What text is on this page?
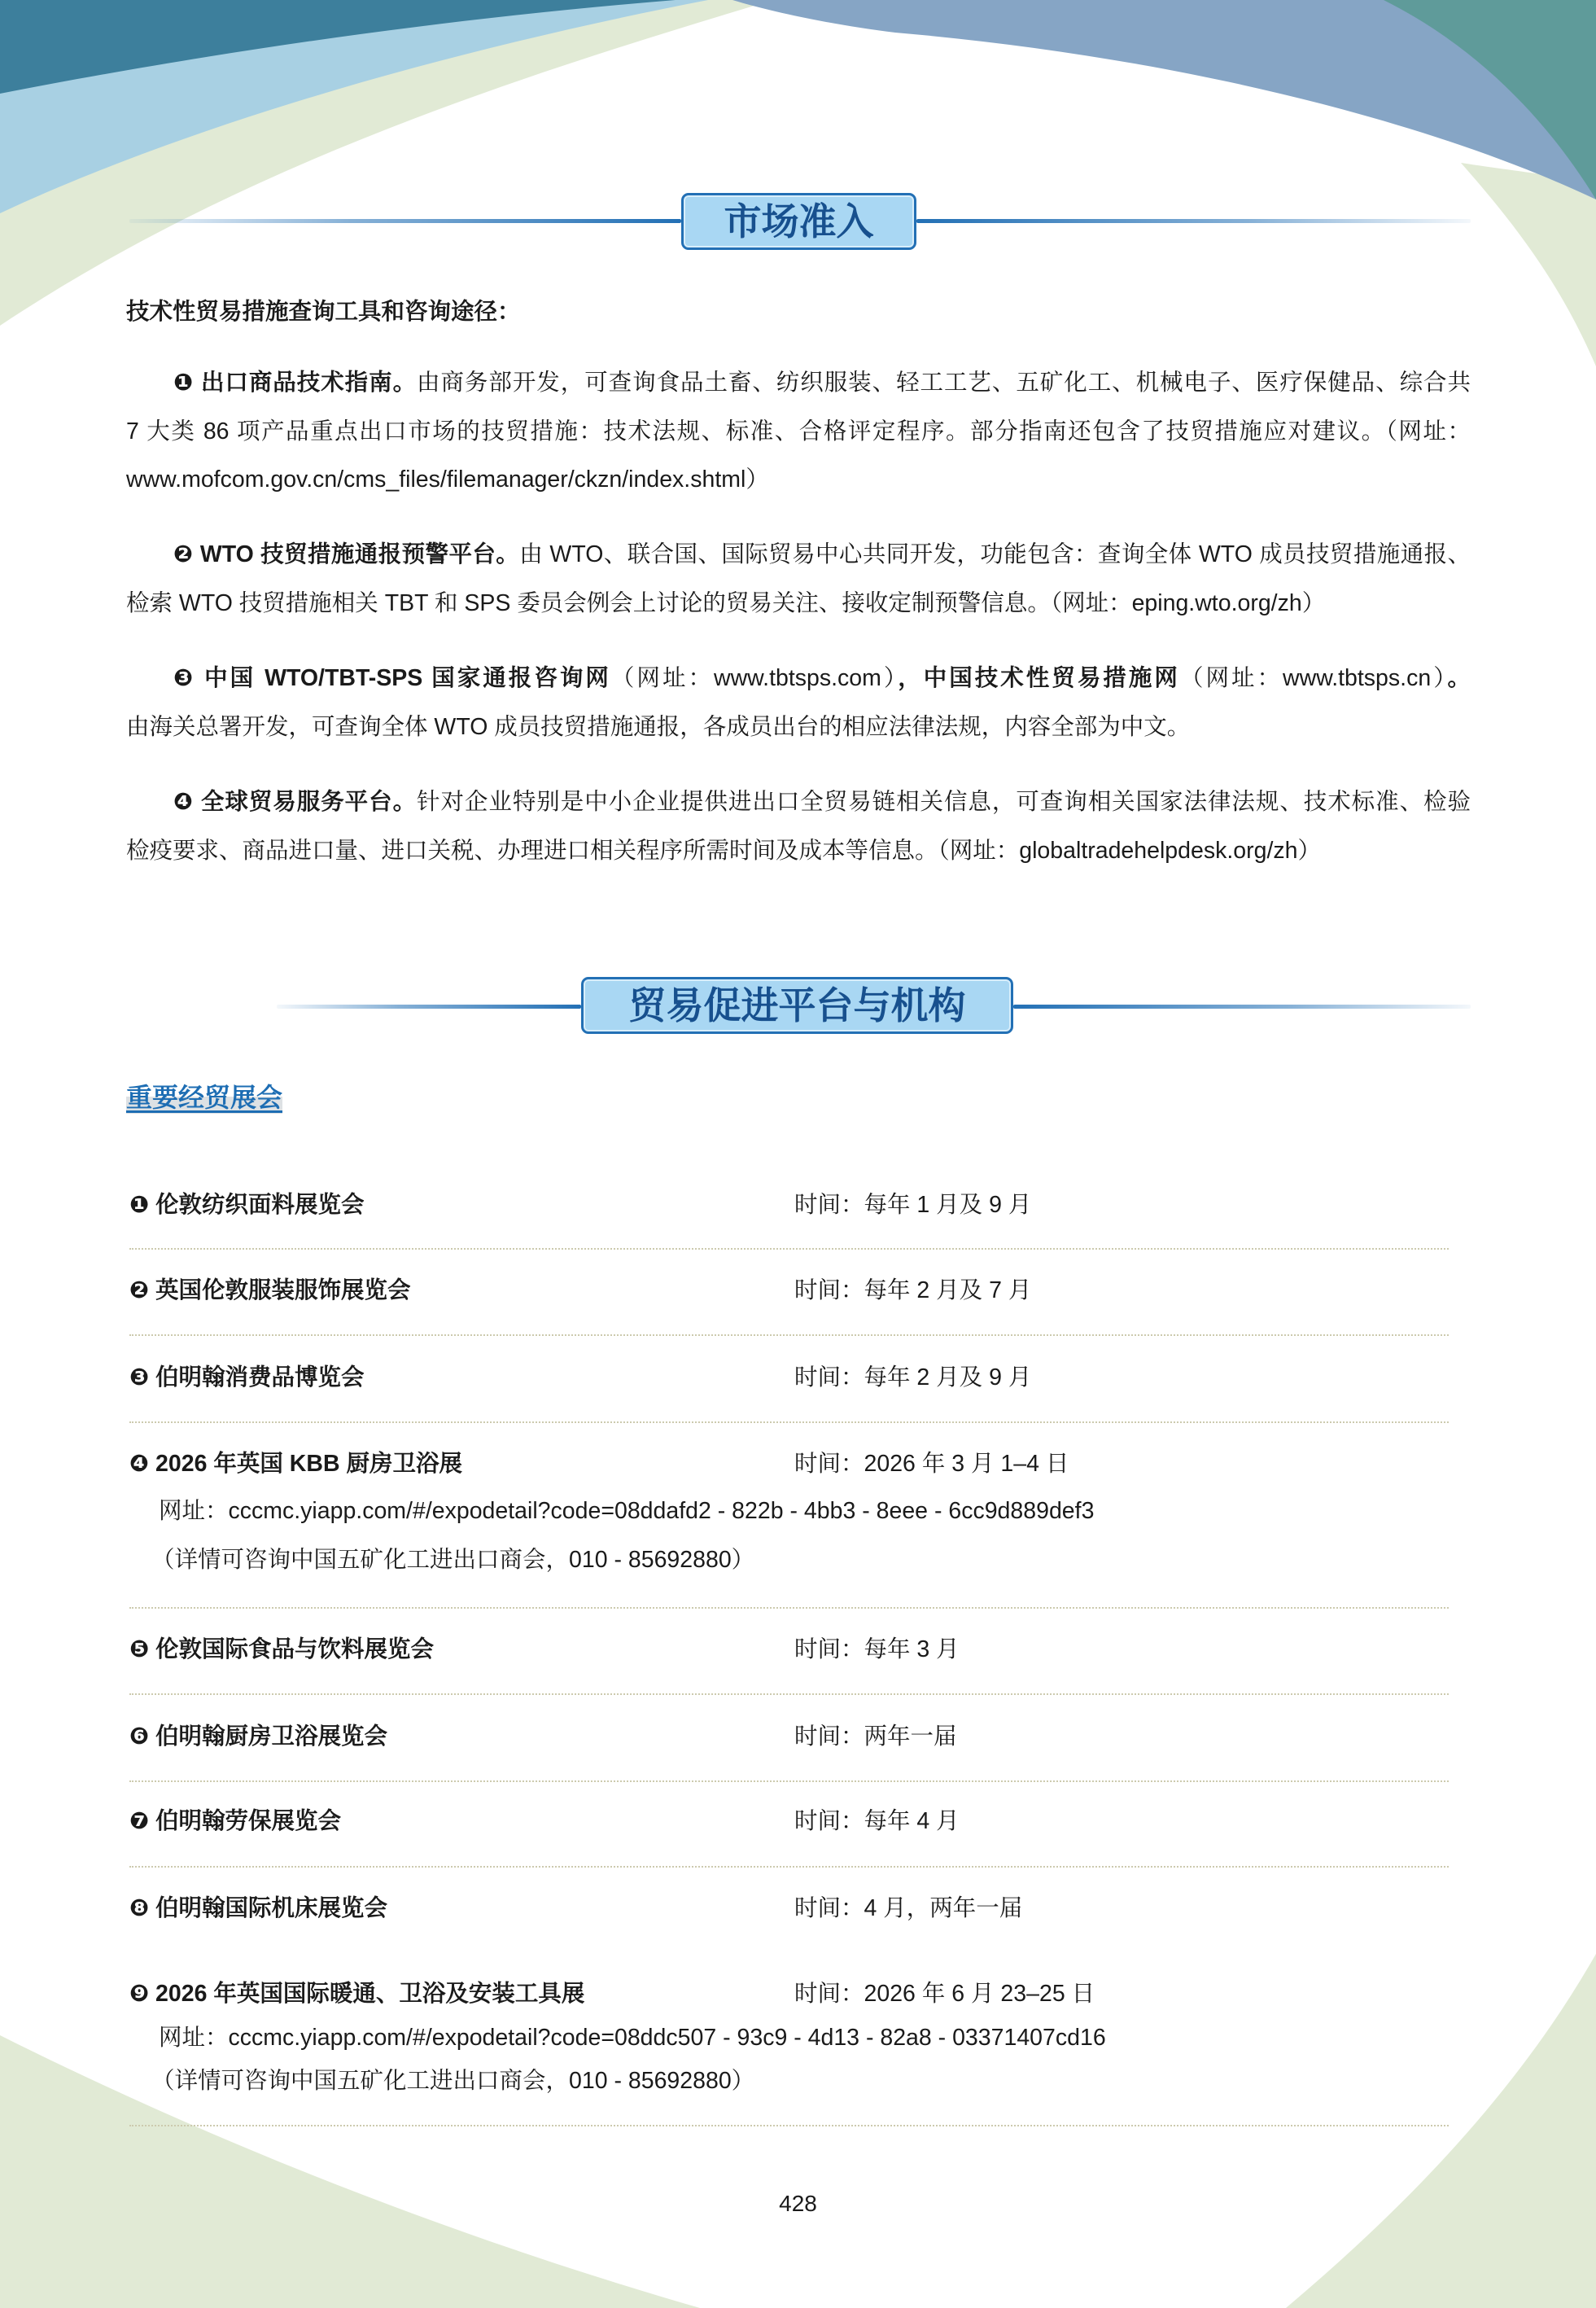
市场准入
技术性贸易措施查询工具和咨询途径：
❶ 出口商品技术指南。由商务部开发，可查询食品土畜、纺织服装、轻工工艺、五矿化工、机械电子、医疗保健品、综合共
7 大类 86 项产品重点出口市场的技贸措施：技术法规、标准、合格评定程序。部分指南还包含了技贸措施应对建议。（网址：
www.mofcom.gov.cn/cms_files/filemanager/ckzn/index.shtml）
❷ WTO 技贸措施通报预警平台。由 WTO、联合国、国际贸易中心共同开发，功能包含：查询全体 WTO 成员技贸措施通报、
检索 WTO 技贸措施相关 TBT 和 SPS 委员会例会上讨论的贸易关注、接收定制预警信息。（网址：eping.wto.org/zh）
❸ 中国 WTO/TBT-SPS 国家通报咨询网（网址：www.tbtsps.com），中国技术性贸易措施网（网址：www.tbtsps.cn）。
由海关总署开发，可查询全体 WTO 成员技贸措施通报，各成员出台的相应法律法规，内容全部为中文。
❹ 全球贸易服务平台。针对企业特别是中小企业提供进出口全贸易链相关信息，可查询相关国家法律法规、技术标准、检验
检疫要求、商品进口量、进口关税、办理进口相关程序所需时间及成本等信息。（网址：globaltradehelpdesk.org/zh）
贸易促进平台与机构
重要经贸展会
❶ 伦敦纺织面料展览会	时间：每年 1 月及 9 月
❷ 英国伦敦服装服饰展览会	时间：每年 2 月及 7 月
❸ 伯明翰消费品博览会	时间：每年 2 月及 9 月
❹ 2026 年英国 KBB 厨房卫浴展	时间：2026 年 3 月 1–4 日
网址：cccmc.yiapp.com/#/expodetail?code=08ddafd2 - 822b - 4bb3 - 8eee - 6cc9d889def3
（详情可咨询中国五矿化工进出口商会，010 - 85692880）
❺ 伦敦国际食品与饮料展览会	时间：每年 3 月
❻ 伯明翰厨房卫浴展览会	时间：两年一届
❼ 伯明翰劳保展览会	时间：每年 4 月
❽ 伯明翰国际机床展览会	时间：4 月，两年一届
❾ 2026 年英国国际暖通、卫浴及安装工具展	时间：2026 年 6 月 23–25 日
网址：cccmc.yiapp.com/#/expodetail?code=08ddc507 - 93c9 - 4d13 - 82a8 - 03371407cd16
（详情可咨询中国五矿化工进出口商会，010 - 85692880）
428
